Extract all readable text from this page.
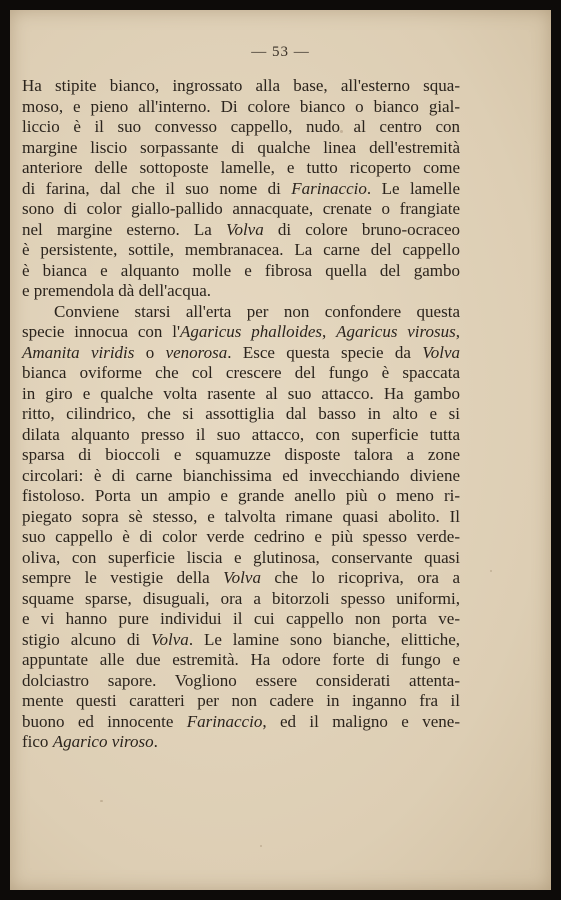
— 53 —
Ha stipite bianco, ingrossato alla base, all'esterno squa-
moso, e pieno all'interno. Di colore bianco o bianco gial-
liccio è il suo convesso cappello, nudo al centro con
margine liscio sorpassante di qualche linea dell'estremità
anteriore delle sottoposte lamelle, e tutto ricoperto come
di farina, dal che il suo nome di Farinaccio. Le lamelle
sono di color giallo-pallido annacquate, crenate o frangiate
nel margine esterno. La Volva di colore bruno-ocraceo
è persistente, sottile, membranacea. La carne del cappello
è bianca e alquanto molle e fibrosa quella del gambo
e premendola dà dell'acqua.
Conviene starsi all'erta per non confondere questa
specie innocua con l'Agaricus phalloides, Agaricus virosus,
Amanita viridis o venorosa. Esce questa specie da Volva
bianca oviforme che col crescere del fungo è spaccata
in giro e qualche volta rasente al suo attacco. Ha gambo
ritto, cilindrico, che si assottiglia dal basso in alto e si
dilata alquanto presso il suo attacco, con superficie tutta
sparsa di bioccoli e squamuzze disposte talora a zone
circolari: è di carne bianchissima ed invecchiando diviene
fistoloso. Porta un ampio e grande anello più o meno ri-
piegato sopra sè stesso, e talvolta rimane quasi abolito. Il
suo cappello è di color verde cedrino e più spesso verde-
oliva, con superficie liscia e glutinosa, conservante quasi
sempre le vestigie della Volva che lo ricopriva, ora a
squame sparse, disuguali, ora a bitorzoli spesso uniformi,
e vi hanno pure individui il cui cappello non porta ve-
stigio alcuno di Volva. Le lamine sono bianche, elittiche,
appuntate alle due estremità. Ha odore forte di fungo e
dolciastro sapore. Vogliono essere considerati attenta-
mente questi caratteri per non cadere in inganno fra il
buono ed innocente Farinaccio, ed il maligno e vene-
fico Agarico viroso.
